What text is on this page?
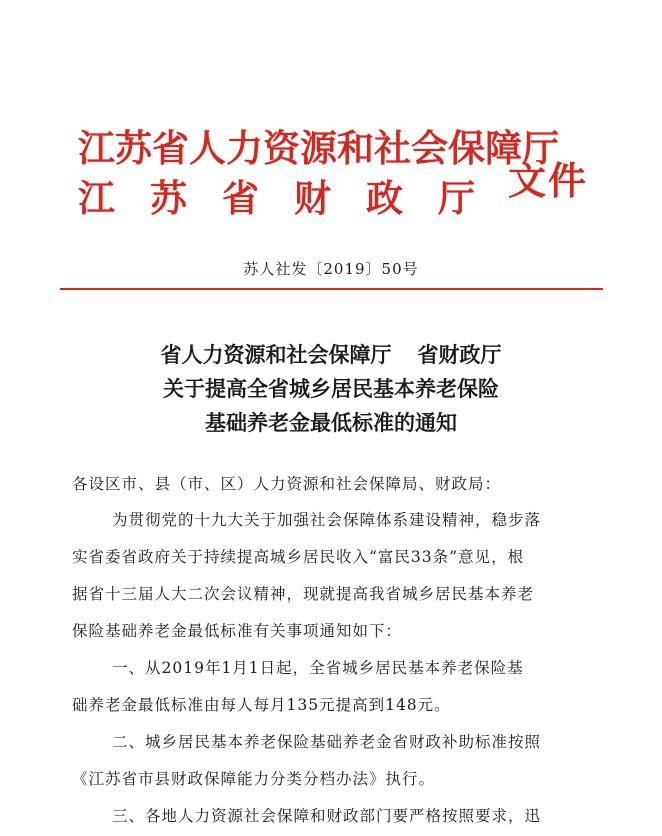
江苏省人力资源和社会保障厅
江苏省财政厅
文件
苏人社发〔2019〕50号
省人力资源和社会保障厅 省财政厅
关于提高全省城乡居民基本养老保险
基础养老金最低标准的通知
各设区市、县（市、区）人力资源和社会保障局、财政局：
为贯彻党的十九大关于加强社会保障体系建设精神，稳步落
实省委省政府关于持续提高城乡居民收入“富民33条”意见，根
据省十三届人大二次会议精神，现就提高我省城乡居民基本养老
保险基础养老金最低标准有关事项通知如下：
一、从2019年1月1日起，全省城乡居民基本养老保险基
础养老金最低标准由每人每月135元提高到148元。
二、城乡居民基本养老保险基础养老金省财政补助标准按照
《江苏省市县财政保障能力分类分档办法》执行。
三、各地人力资源社会保障和财政部门要严格按照要求，迅
